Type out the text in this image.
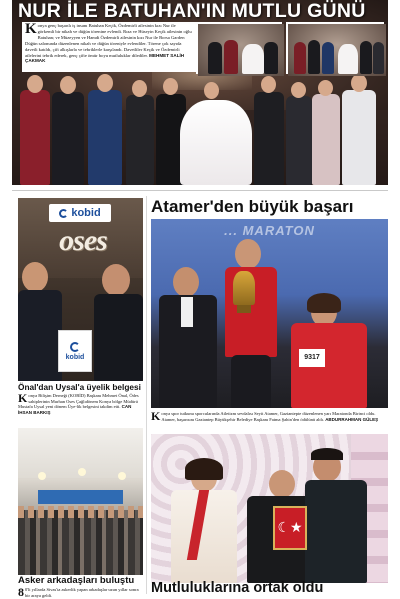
NUR İLE BATUHAN'IN MUTLU GÜNÜ
K onya genç başarılı iş insanı Batuhan Keçik, Özdemirli ailesinin kızı Nur ile görkemli bir nikah ve düğün törenine evlendi. Rıza ve Hüseyin Keçik ailesinin oğlu Batuhan; ve Müzeyyen ve Hamdi Özdemirli ailesinin kızı Nur ile Borsa Garden Düğün salonunda düzenlenen nikah ve düğün töreniyle evlendiler. Törene çok sayıda davetli katıldı, çift alkışlarla ve tebriklerle karşılandı. Davetliler Keçik ve Özdemirli ailelerini tebrik ederek, genç çifte ömür boyu mutluluklar dilediler. MEHMET SALİH ÇAKMAK
kobid
oses
kobid
Önal'dan Uysal'a üyelik belgesi
K onya Bilişim Derneği (KOBİD) Başkanı Mehmet Önal, Ödes sahiplerinin Murhan Oses Çağlıdönem Konya bölge Müdürü Mustafa Uysal yeni dönem Üye-lik belgesini takdim etti. CAN İHSAN BARKIŞ
Asker arkadaşları buluştu
8 0'li yıllarda Sivas'ta askerlik yapan arkadaşlar uzun yıllar sonra bir araya geldi.
Atamer'den büyük başarı
... MARATON
9317
K onya spor tutkunu sporcularında Atletizm sevdalısı Seyit Atamer, Gaziantepte düzenlenen yarı Maratonda Birinci oldu. Atamer, başarısını Gaziantep Büyükşehir Belediye Başkanı Fatma Şahin'den ödülünü aldı. ABDURRAHMAN GÜLEŞ
☾★
Mutluluklarına ortak oldu
